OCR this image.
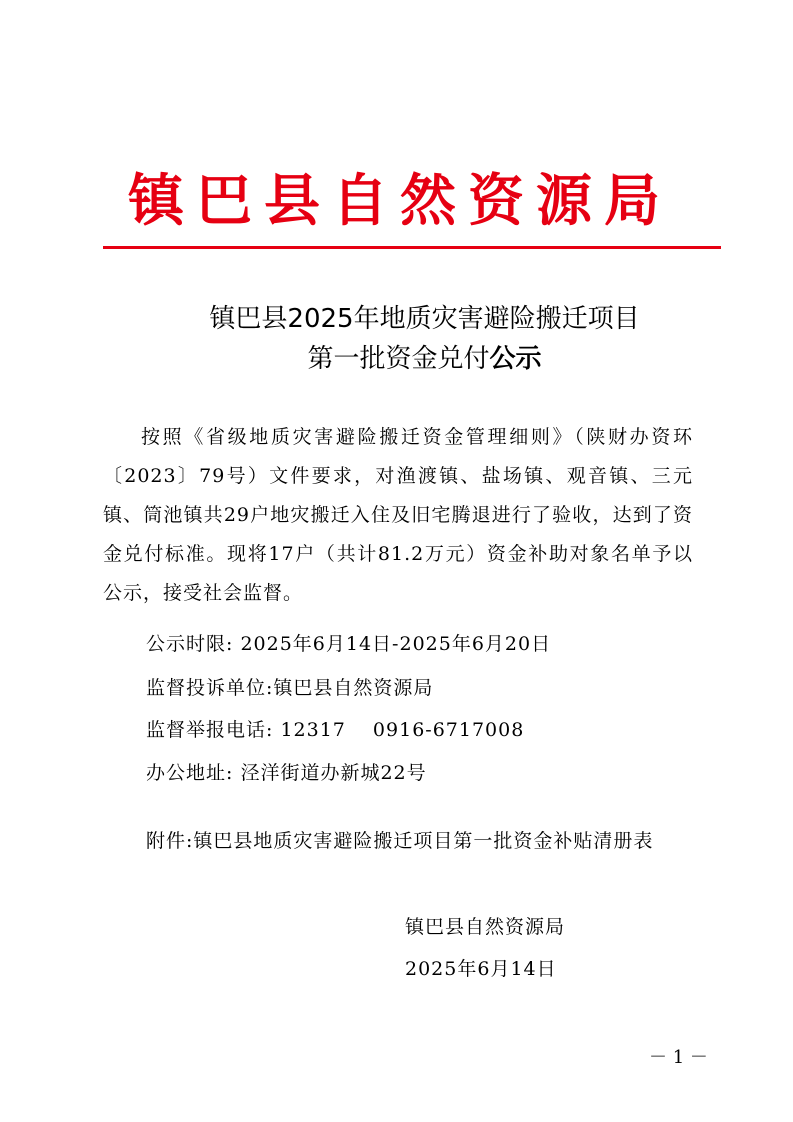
镇巴县自然资源局
镇巴县2025年地质灾害避险搬迁项目
第一批资金兑付公示
按照《省级地质灾害避险搬迁资金管理细则》（陕财办资环〔2023〕79号）文件要求，对渔渡镇、盐场镇、观音镇、三元镇、筒池镇共29户地灾搬迁入住及旧宅腾退进行了验收，达到了资金兑付标准。现将17户（共计81.2万元）资金补助对象名单予以公示，接受社会监督。
公示时限: 2025年6月14日-2025年6月20日
监督投诉单位:镇巴县自然资源局
监督举报电话: 12317　 0916-6717008
办公地址: 泾洋街道办新城22号
附件:镇巴县地质灾害避险搬迁项目第一批资金补贴清册表
镇巴县自然资源局
2025年6月14日
－ 1 －
